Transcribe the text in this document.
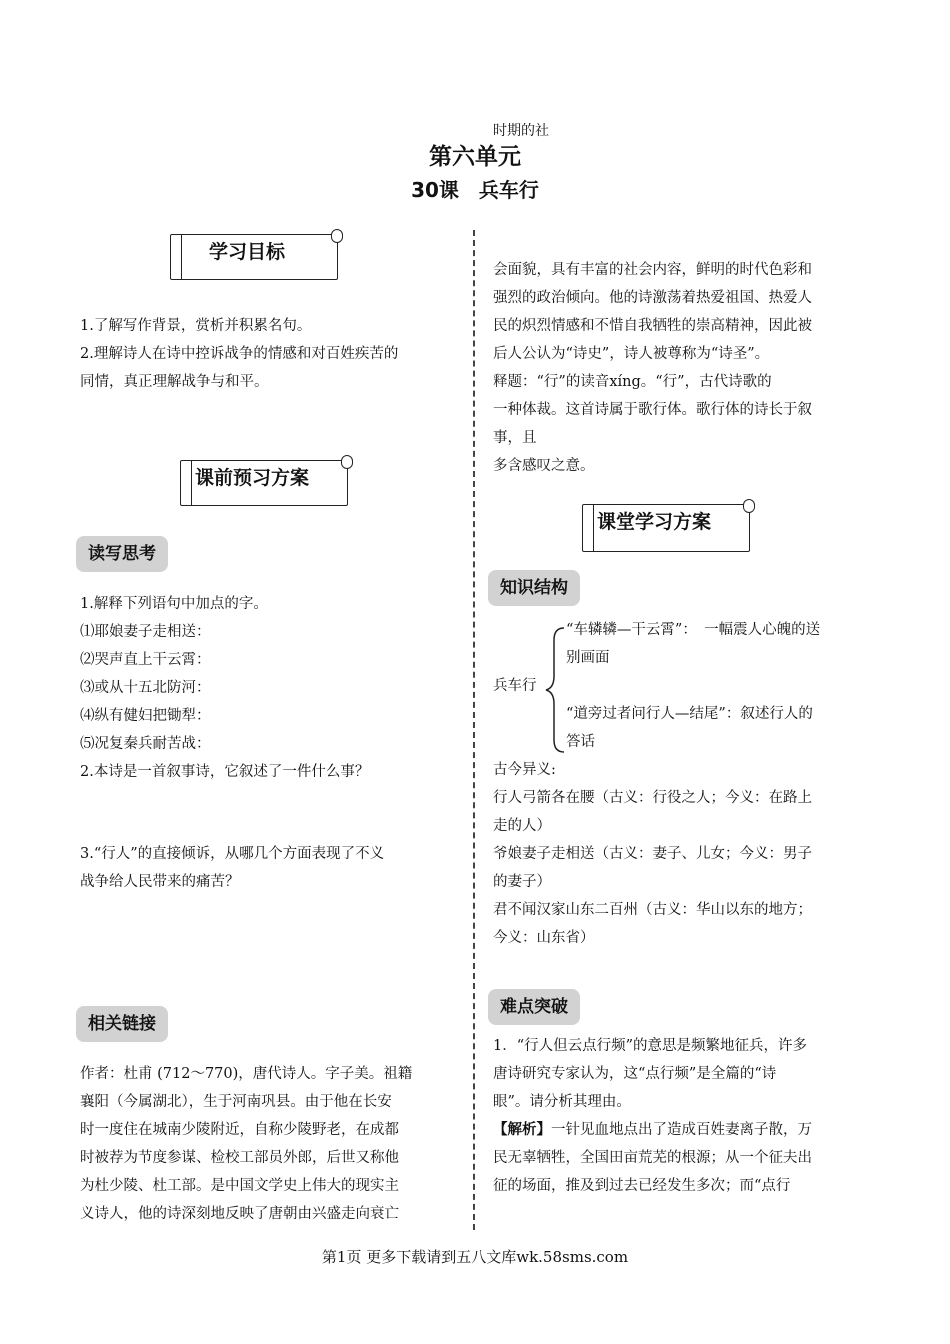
时期的社
第六单元
30课　兵车行
学习目标
1.了解写作背景，赏析并积累名句。
2.理解诗人在诗中控诉战争的情感和对百姓疾苦的
同情，真正理解战争与和平。
课前预习方案
读写思考
1.解释下列语句中加点的字。
⑴耶娘妻子走相送：
⑵哭声直上干云霄：
⑶或从十五北防河：
⑷纵有健妇把锄犁：
⑸况复秦兵耐苦战：
2.本诗是一首叙事诗，它叙述了一件什么事？
3.“行人”的直接倾诉，从哪几个方面表现了不义
战争给人民带来的痛苦？
相关链接
作者：杜甫 (712～770)，唐代诗人。字子美。祖籍
襄阳（今属湖北），生于河南巩县。由于他在长安
时一度住在城南少陵附近，自称少陵野老，在成都
时被荐为节度参谋、检校工部员外郎，后世又称他
为杜少陵、杜工部。是中国文学史上伟大的现实主
义诗人，他的诗深刻地反映了唐朝由兴盛走向衰亡
会面貌，具有丰富的社会内容，鲜明的时代色彩和
强烈的政治倾向。他的诗激荡着热爱祖国、热爱人
民的炽烈情感和不惜自我牺牲的崇高精神，因此被
后人公认为“诗史”，诗人被尊称为“诗圣”。
释题：“行”的读音xíng。“行”，古代诗歌的
一种体裁。这首诗属于歌行体。歌行体的诗长于叙
事，且
多含感叹之意。
课堂学习方案
知识结构
兵车行
“车辚辚—干云霄”：　一幅震人心魄的送
别画面
“道旁过者问行人—结尾”：叙述行人的
答话
古今异义:
行人弓箭各在腰（古义：行役之人；今义：在路上
走的人）
爷娘妻子走相送（古义：妻子、儿女；今义：男子
的妻子）
君不闻汉家山东二百州（古义：华山以东的地方；
今义：山东省）
难点突破
1．“行人但云点行频”的意思是频繁地征兵，许多
唐诗研究专家认为，这“点行频”是全篇的“诗
眼”。请分析其理由。
【解析】一针见血地点出了造成百姓妻离子散，万
民无辜牺牲，全国田亩荒芜的根源；从一个征夫出
征的场面，推及到过去已经发生多次；而“点行
第1页 更多下载请到五八文库wk.58sms.com
